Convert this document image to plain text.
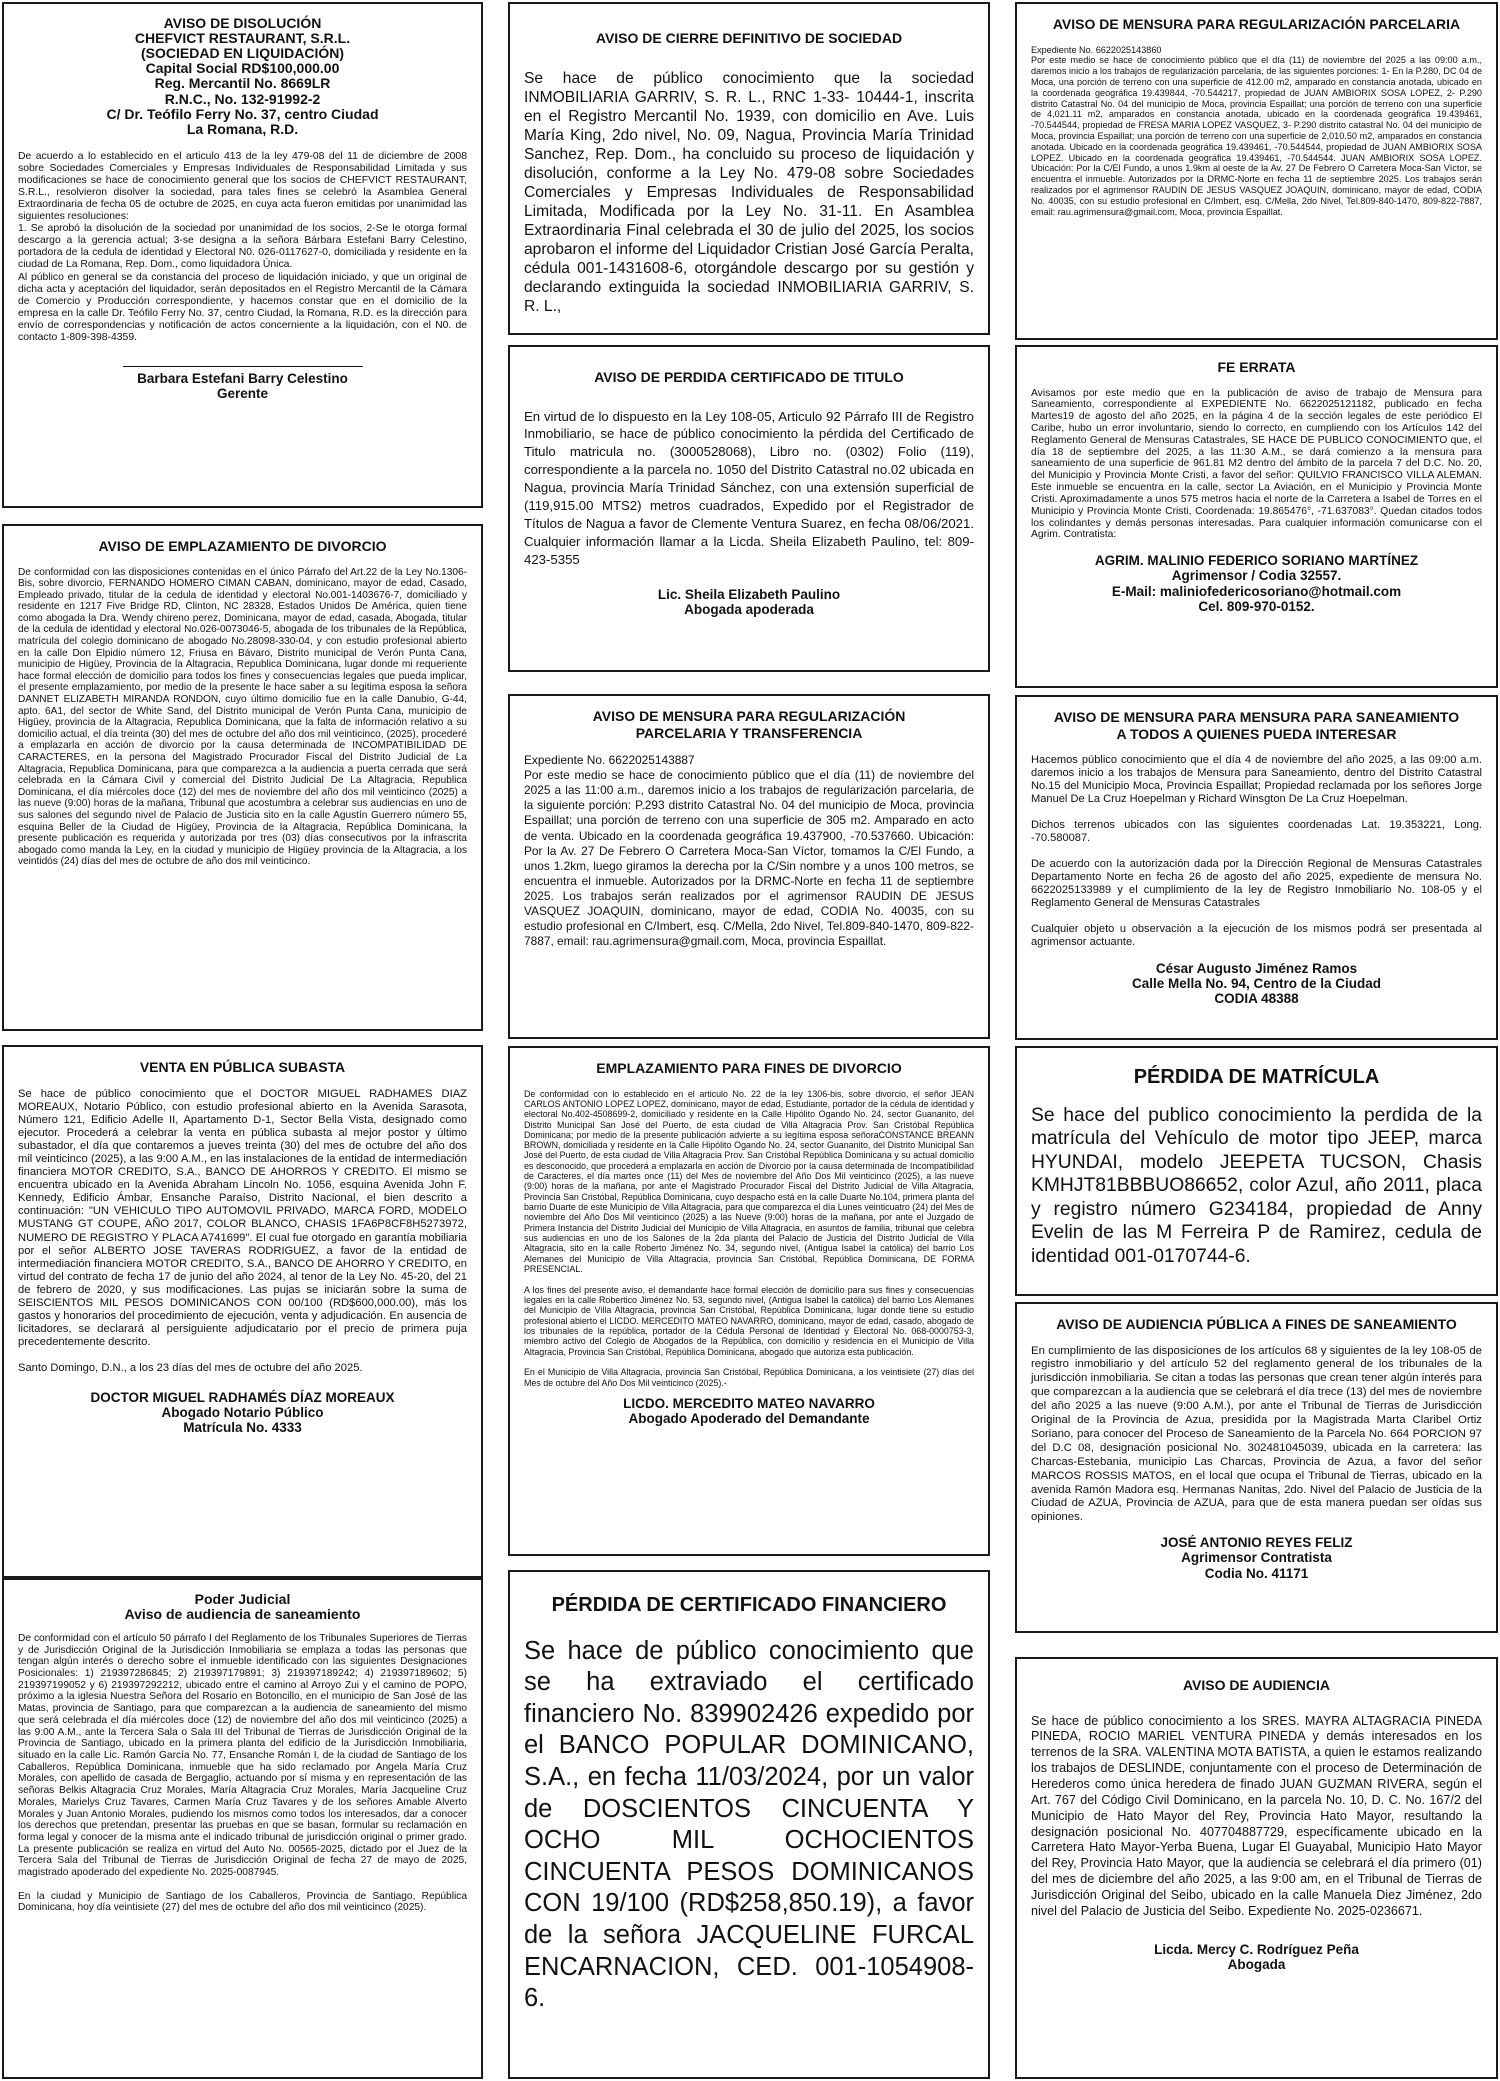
AVISO DE DISOLUCIÓN
CHEFVICT RESTAURANT, S.R.L.
(SOCIEDAD EN LIQUIDACIÓN)
Capital Social RD$100,000.00
Reg. Mercantil No. 8669LR
R.N.C., No. 132-91992-2
C/ Dr. Teófilo Ferry No. 37, centro Ciudad
La Romana, R.D.
De acuerdo a lo establecido en el articulo 413 de la ley 479-08 del 11 de diciembre de 2008 sobre Sociedades Comerciales y Empresas Individuales de Responsabilidad Limitada y sus modificaciones se hace de conocimiento general que los socios de CHEFVICT RESTAURANT, S.R.L., resolvieron disolver la sociedad, para tales fines se celebró la Asamblea General Extraordinaria de fecha 05 de octubre de 2025, en cuya acta fueron emitidas por unanimidad las siguientes resoluciones:
1. Se aprobó la disolución de la sociedad por unanimidad de los socios, 2-Se le otorga formal descargo a la gerencia actual; 3-se designa a la señora Bárbara Estefani Barry Celestino, portadora de la cedula de identidad y Electoral N0. 026-0117627-0, domiciliada y residente en la ciudad de La Romana, Rep. Dom., como liquidadora Única.
Al público en general se da constancia del proceso de liquidación iniciado, y que un original de dicha acta y aceptación del liquidador, serán depositados en el Registro Mercantil de la Cámara de Comercio y Producción correspondiente, y hacemos constar que en el domicilio de la empresa en la calle Dr. Teófilo Ferry No. 37, centro Ciudad, la Romana, R.D. es la dirección para envío de correspondencias y notificación de actos concerniente a la liquidación, con el N0. de contacto 1-809-398-4359.
Barbara Estefani Barry Celestino
Gerente
AVISO DE EMPLAZAMIENTO DE DIVORCIO
De conformidad con las disposiciones contenidas en el único Párrafo del Art.22 de la Ley No.1306-Bis, sobre divorcio, FERNANDO HOMERO CIMAN CABAN, dominicano, mayor de edad, Casado, Empleado privado, titular de la cedula de identidad y electoral No.001-1403676-7, domiciliado y residente en 1217 Five Bridge RD, Clinton, NC 28328, Estados Unidos De América, quien tiene como abogada la Dra. Wendy chireno perez, Dominicana, mayor de edad, casada, Abogada, titular de la cedula de identidad y electoral No.026-0073046-5, abogada de los tribunales de la República, matrícula del colegio dominicano de abogado No.28098-330-04, y con estudio profesional abierto en la calle Don Elpidio número 12, Friusa en Bávaro, Distrito municipal de Verón Punta Cana, municipio de Higüey, Provincia de la Altagracia, Republica Dominicana, lugar donde mi requeriente hace formal elección de domicilio para todos los fines y consecuencias legales que pueda implicar, el presente emplazamiento, por medio de la presente le hace saber a su legitima esposa la señora DANNET ELIZABETH MIRANDA RONDON, cuyo último domicilio fue en la calle Danubio, G-44, apto. 6A1, del sector de White Sand, del Distrito municipal de Verón Punta Cana, municipio de Higüey, provincia de la Altagracia, Republica Dominicana, que la falta de información relativo a su domicilio actual, el día treinta (30) del mes de octubre del año dos mil veinticinco, (2025), procederé a emplazarla en acción de divorcio por la causa determinada de INCOMPATIBILIDAD DE CARACTERES, en la persona del Magistrado Procurador Fiscal del Distrito Judicial de La Altagracia, Republica Dominicana, para que comparezca a la audiencia a puerta cerrada que será celebrada en la Cámara Civil y comercial del Distrito Judicial De La Altagracia, Republica Dominicana, el día miércoles doce (12) del mes de noviembre del año dos mil veinticinco (2025) a las nueve (9:00) horas de la mañana, Tribunal que acostumbra a celebrar sus audiencias en uno de sus salones del segundo nivel de Palacio de Justicia sito en la calle Agustín Guerrero número 55, esquina Beller de la Ciudad de Higüey, Provincia de la Altagracia, República Dominicana, la presente publicación es requerida y autorizada por tres (03) días consecutivos por la infrascrita abogado como manda la Ley, en la ciudad y municipio de Higüey provincia de la Altagracia, a los veintidós (24) días del mes de octubre de año dos mil veinticinco.
VENTA EN PÚBLICA SUBASTA
Se hace de público conocimiento que el DOCTOR MIGUEL RADHAMES DIAZ MOREAUX, Notario Público, con estudio profesional abierto en la Avenida Sarasota, Número 121, Edificio Adelle II, Apartamento D-1, Sector Bella Vista, designado como ejecutor. Procederá a celebrar la venta en pública subasta al mejor postor y último subastador, el día que contaremos a jueves treinta (30) del mes de octubre del año dos mil veinticinco (2025), a las 9:00 A.M., en las instalaciones de la entidad de intermediación financiera MOTOR CREDITO, S.A., BANCO DE AHORROS Y CREDITO. El mismo se encuentra ubicado en la Avenida Abraham Lincoln No. 1056, esquina Avenida John F. Kennedy, Edificio Ámbar, Ensanche Paraíso, Distrito Nacional, el bien descrito a continuación: "UN VEHICULO TIPO AUTOMOVIL PRIVADO, MARCA FORD, MODELO MUSTANG GT COUPE, AÑO 2017, COLOR BLANCO, CHASIS 1FA6P8CF8H5273972, NUMERO DE REGISTRO Y PLACA A741699". El cual fue otorgado en garantía mobiliaria por el señor ALBERTO JOSE TAVERAS RODRIGUEZ, a favor de la entidad de intermediación financiera MOTOR CREDITO, S.A., BANCO DE AHORRO Y CREDITO, en virtud del contrato de fecha 17 de junio del año 2024, al tenor de la Ley No. 45-20, del 21 de febrero de 2020, y sus modificaciones. Las pujas se iniciarán sobre la suma de SEISCIENTOS MIL PESOS DOMINICANOS CON 00/100 (RD$600,000.00), más los gastos y honorarios del procedimiento de ejecución, venta y adjudicación. En ausencia de licitadores, se declarará al persiguiente adjudicatario por el precio de primera puja precedentemente descrito.

Santo Domingo, D.N., a los 23 días del mes de octubre del año 2025.
DOCTOR MIGUEL RADHAMÉS DÍAZ MOREAUX
Abogado Notario Público
Matrícula No. 4333
Poder Judicial
Aviso de audiencia de saneamiento
De conformidad con el artículo 50 párrafo I del Reglamento de los Tribunales Superiores de Tierras y de Jurisdicción Original de la Jurisdicción Inmobiliaria se emplaza a todas las personas que tengan algún interés o derecho sobre el inmueble identificado con las siguientes Designaciones Posicionales: 1) 219397286845; 2) 219397179891; 3) 219397189242; 4) 219397189602; 5) 219397199052 y 6) 219397292212, ubicado entre el camino al Arroyo Zui y el camino de POPO, próximo a la iglesia Nuestra Señora del Rosario en Botoncillo, en el municipio de San José de las Matas, provincia de Santiago, para que comparezcan a la audiencia de saneamiento del mismo que será celebrada el día miércoles doce (12) de noviembre del año dos mil veinticinco (2025) a las 9:00 A.M., ante la Tercera Sala o Sala III del Tribunal de Tierras de Jurisdicción Original de la Provincia de Santiago, ubicado en la primera planta del edificio de la Jurisdicción Inmobiliaria, situado en la calle Lic. Ramón García No. 77, Ensanche Román I, de la ciudad de Santiago de los Caballeros, República Dominicana, inmueble que ha sido reclamado por Angela María Cruz Morales, con apellido de casada de Bergaglio, actuando por sí misma y en representación de las señoras Belkis Altagracia Cruz Morales, María Altagracia Cruz Morales, María Jacqueline Cruz Morales, Marielys Cruz Tavares, Carmen María Cruz Tavares y de los señores Amable Alverto Morales y Juan Antonio Morales, pudiendo los mismos como todos los interesados, dar a conocer los derechos que pretendan, presentar las pruebas en que se basan, formular su reclamación en forma legal y conocer de la misma ante el indicado tribunal de jurisdicción original o primer grado. La presente publicación se realiza en virtud del Auto No. 00565-2025, dictado por el Juez de la Tercera Sala del Tribunal de Tierras de Jurisdicción Original de fecha 27 de mayo de 2025, magistrado apoderado del expediente No. 2025-0087945.

En la ciudad y Municipio de Santiago de los Caballeros, Provincia de Santiago, República Dominicana, hoy día veintisiete (27) del mes de octubre del año dos mil veinticinco (2025).
AVISO DE CIERRE DEFINITIVO DE SOCIEDAD
Se hace de público conocimiento que la sociedad INMOBILIARIA GARRIV, S. R. L., RNC 1-33- 10444-1, inscrita en el Registro Mercantil No. 1939, con domicilio en Ave. Luis María King, 2do nivel, No. 09, Nagua, Provincia María Trinidad Sanchez, Rep. Dom., ha concluido su proceso de liquidación y disolución, conforme a la Ley No. 479-08 sobre Sociedades Comerciales y Empresas Individuales de Responsabilidad Limitada, Modificada por la Ley No. 31-11. En Asamblea Extraordinaria Final celebrada el 30 de julio del 2025, los socios aprobaron el informe del Liquidador Cristian José García Peralta, cédula 001-1431608-6, otorgándole descargo por su gestión y declarando extinguida la sociedad INMOBILIARIA GARRIV, S. R. L.,
AVISO DE PERDIDA CERTIFICADO DE TITULO
En virtud de lo dispuesto en la Ley 108-05, Articulo 92 Párrafo III de Registro Inmobiliario, se hace de público conocimiento la pérdida del Certificado de Titulo matricula no. (3000528068), Libro no. (0302) Folio (119), correspondiente a la parcela no. 1050 del Distrito Catastral no.02 ubicada en Nagua, provincia María Trinidad Sánchez, con una extensión superficial de (119,915.00 MTS2) metros cuadrados, Expedido por el Registrador de Títulos de Nagua a favor de Clemente Ventura Suarez, en fecha 08/06/2021. Cualquier información llamar a la Licda. Sheila Elizabeth Paulino, tel: 809-423-5355
Lic. Sheila Elizabeth Paulino
Abogada apoderada
AVISO DE MENSURA PARA REGULARIZACIÓN
PARCELARIA Y TRANSFERENCIA
Expediente No. 6622025143887
Por este medio se hace de conocimiento público que el día (11) de noviembre del 2025 a las 11:00 a.m., daremos inicio a los trabajos de regularización parcelaria, de la siguiente porción: P.293 distrito Catastral No. 04 del municipio de Moca, provincia Espaillat; una porción de terreno con una superficie de 305 m2. Amparado en acto de venta. Ubicado en la coordenada geográfica 19.437900, -70.537660. Ubicación: Por la Av. 27 De Febrero O Carretera Moca-San Víctor, tomamos la C/El Fundo, a unos 1.2km, luego giramos la derecha por la C/Sin nombre y a unos 100 metros, se encuentra el inmueble. Autorizados por la DRMC-Norte en fecha 11 de septiembre 2025. Los trabajos serán realizados por el agrimensor RAUDIN DE JESUS VASQUEZ JOAQUIN, dominicano, mayor de edad, CODIA No. 40035, con su estudio profesional en C/Imbert, esq. C/Mella, 2do Nivel, Tel.809-840-1470, 809-822-7887, email: rau.agrimensura@gmail.com, Moca, provincia Espaillat.
EMPLAZAMIENTO PARA FINES DE DIVORCIO
De conformidad con lo establecido en el articulo No. 22 de la ley 1306-bis, sobre divorcio, el señor JEAN CARLOS ANTONIO LOPEZ LOPEZ, dominicano, mayor de edad, Estudiante, portador de la cédula de identidad y electoral No.402-4508699-2, domiciliado y residente en la Calle Hipólito Ogando No. 24, sector Guananito, del Distrito Municipal San José del Puerto, de esta ciudad de Villa Altagracia Prov. San Cristóbal República Dominicana; por medio de la presente publicación advierte a su legítima esposa señoraCONSTANCE BREANN BROWN, domiciliada y residente en la Calle Hipólito Ogando No. 24, sector Guananito, del Distrito Municipal San José del Puerto, de esta ciudad de Villa Altagracia Prov. San Cristóbal República Dominicana y su actual domicilio es desconocido, que procederá a emplazarla en acción de Divorcio por la causa determinada de Incompatibilidad de Caracteres, el día martes once (11) del Mes de noviembre del Año Dos Mil veinticinco (2025), a las nueve (9:00) horas de la mañana, por ante el Magistrado Procurador Fiscal del Distrito Judicial de Villa Altagracia, Provincia San Cristóbal, República Dominicana, cuyo despacho está en la calle Duarte No.104, primera planta del barrio Duarte de este Municipio de Villa Altagracia, para que comparezca el día Lunes veinticuatro (24) del Mes de noviembre del Año Dos Mil veinticinco (2025) a las Nueve (9:00) horas de la mañana, por ante el Juzgado de Primera Instancia del Distrito Judicial del Municipio de Villa Altagracia, en asuntos de familia, tribunal que celebra sus audiencias en uno de los Salones de la 2da planta del Palacio de Justicia del Distrito Judicial de Villa Altagracia, sito en la calle Roberto Jiménez No. 34, segundo nivel, (Antigua Isabel la católica) del barrio Los Alemanes del Municipio de Villa Altagracia, provincia San Cristóbal, República Dominicana, DE FORMA PRESENCIAL.

A los fines del presente aviso, el demandante hace formal elección de domicilio para sus fines y consecuencias legales en la calle Robertico Jiménez No. 53, segundo nivel, (Antigua Isabel la católica) del barrio Los Alemanes del Municipio de Villa Altagracia, provincia San Cristóbal, República Dominicana, lugar donde tiene su estudio profesional abierto el LICDO. MERCEDITO MATEO NAVARRO, dominicano, mayor de edad, casado, abogado de los tribunales de la república, portador de la Cédula Personal de Identidad y Electoral No. 068-0000753-3, miembro activo del Colegio de Abogados de la República, con domicilio y residencia en el Municipio de Villa Altagracia, Provincia San Cristóbal, República Dominicana, abogado que autoriza esta publicación.

En el Municipio de Villa Altagracia, provincia San Cristóbal, República Dominicana, a los veintisiete (27) días del Mes de octubre del Año Dos Mil veinticinco (2025).-
LICDO. MERCEDITO MATEO NAVARRO
Abogado Apoderado del Demandante
PÉRDIDA DE CERTIFICADO FINANCIERO
Se hace de público conocimiento que se ha extraviado el certificado financiero No. 839902426 expedido por el BANCO POPULAR DOMINICANO, S.A., en fecha 11/03/2024, por un valor de DOSCIENTOS CINCUENTA Y OCHO MIL OCHOCIENTOS CINCUENTA PESOS DOMINICANOS CON 19/100 (RD$258,850.19), a favor de la señora JACQUELINE FURCAL ENCARNACION, CED. 001-1054908-6.
AVISO DE MENSURA PARA REGULARIZACIÓN PARCELARIA
Expediente No. 6622025143860
Por este medio se hace de conocimiento público que el día (11) de noviembre del 2025 a las 09:00 a.m., daremos inicio a los trabajos de regularización parcelaria, de las siguientes porciones: 1- En la P.280, DC 04 de Moca, una porción de terreno con una superficie de 412.00 m2, amparado en constancia anotada, ubicado en la coordenada geográfica 19.439844, -70.544217, propiedad de JUAN AMBIORIX SOSA LOPEZ, 2- P.290 distrito Catastral No. 04 del municipio de Moca, provincia Espaillat; una porción de terreno con una superficie de 4,021.11 m2, amparados en constancia anotada, ubicado en la coordenada geográfica 19.439461, -70.544544, propiedad de FRESA MARIA LOPEZ VASQUEZ, 3- P.290 distrito catastral No. 04 del municipio de Moca, provincia Espaillat; una porción de terreno con una superficie de 2,010.50 m2, amparados en constancia anotada. Ubicado en la coordenada geográfica 19.439461, -70.544544, propiedad de JUAN AMBIORIX SOSA LOPEZ. Ubicado en la coordenada geográfica 19.439461, -70.544544. JUAN AMBIORIX SOSA LOPEZ. Ubicación: Por la C/El Fundo, a unos 1.9km al oeste de la Av. 27 De Febrero O Carretera Moca-San Víctor, se encuentra el inmueble. Autorizados por la DRMC-Norte en fecha 11 de septiembre 2025. Los trabajos serán realizados por el agrimensor RAUDIN DE JESUS VASQUEZ JOAQUIN, dominicano, mayor de edad, CODIA No. 40035, con su estudio profesional en C/Imbert, esq. C/Mella, 2do Nivel, Tel.809-840-1470, 809-822-7887, email: rau.agrimensura@gmail.com, Moca, provincia Espaillat.
FE ERRATA
Avisamos por este medio que en la publicación de aviso de trabajo de Mensura para Saneamiento, correspondiente al EXPEDIENTE No. 6622025121182, publicado en fecha Martes19 de agosto del año 2025, en la página 4 de la sección legales de este periódico El Caribe, hubo un error involuntario, siendo lo correcto, en cumpliendo con los Artículos 142 del Reglamento General de Mensuras Catastrales, SE HACE DE PUBLICO CONOCIMIENTO que, el día 18 de septiembre del 2025, a las 11:30 A.M., se dará comienzo a la mensura para saneamiento de una superficie de 961.81 M2 dentro del ámbito de la parcela 7 del D.C. No. 20, del Municipio y Provincia Monte Cristi, a favor del señor: QUILVIO FRANCISCO VILLA ALEMAN. Este inmueble se encuentra en la calle, sector La Aviación, en el Municipio y Provincia Monte Cristi. Aproximadamente a unos 575 metros hacia el norte de la Carretera a Isabel de Torres en el Municipio y Provincia Monte Cristi, Coordenada: 19.865476°, -71.637083°. Quedan citados todos los colindantes y demás personas interesadas. Para cualquier información comunicarse con el Agrim. Contratista:
AGRIM. MALINIO FEDERICO SORIANO MARTÍNEZ
Agrimensor / Codia 32557.
E-Mail: maliniofedericosoriano@hotmail.com
Cel. 809-970-0152.
AVISO DE MENSURA PARA MENSURA PARA SANEAMIENTO
A TODOS A QUIENES PUEDA INTERESAR
Hacemos público conocimiento que el día 4 de noviembre del año 2025, a las 09:00 a.m. daremos inicio a los trabajos de Mensura para Saneamiento, dentro del Distrito Catastral No.15 del Municipio Moca, Provincia Espaillat; Propiedad reclamada por los señores Jorge Manuel De La Cruz Hoepelman y Richard Winsgton De La Cruz Hoepelman.

Dichos terrenos ubicados con las siguientes coordenadas Lat. 19.353221, Long. -70.580087.

De acuerdo con la autorización dada por la Dirección Regional de Mensuras Catastrales Departamento Norte en fecha 26 de agosto del año 2025, expediente de mensura No. 6622025133989 y el cumplimiento de la ley de Registro Inmobiliario No. 108-05 y el Reglamento General de Mensuras Catastrales

Cualquier objeto u observación a la ejecución de los mismos podrá ser presentada al agrimensor actuante.
César Augusto Jiménez Ramos
Calle Mella No. 94, Centro de la Ciudad
CODIA 48388
PÉRDIDA DE MATRÍCULA
Se hace del publico conocimiento la perdida de la matrícula del Vehículo de motor tipo JEEP, marca HYUNDAI, modelo JEEPETA TUCSON, Chasis KMHJT81BBBUO86652, color Azul, año 2011, placa y registro número G234184, propiedad de Anny Evelin de las M Ferreira P de Ramirez, cedula de identidad 001-0170744-6.
AVISO DE AUDIENCIA PÚBLICA A FINES DE SANEAMIENTO
En cumplimiento de las disposiciones de los artículos 68 y siguientes de la ley 108-05 de registro inmobiliario y del artículo 52 del reglamento general de los tribunales de la jurisdicción inmobiliaria. Se citan a todas las personas que crean tener algún interés para que comparezcan a la audiencia que se celebrará el día trece (13) del mes de noviembre del año 2025 a las nueve (9:00 A.M.), por ante el Tribunal de Tierras de Jurisdicción Original de la Provincia de Azua, presidida por la Magistrada Marta Claribel Ortiz Soriano, para conocer del Proceso de Saneamiento de la Parcela No. 664 PORCION 97 del D.C 08, designación posicional No. 302481045039, ubicada en la carretera: las Charcas-Estebania, municipio Las Charcas, Provincia de Azua, a favor del señor MARCOS ROSSIS MATOS, en el local que ocupa el Tribunal de Tierras, ubicado en la avenida Ramón Madora esq. Hermanas Nanitas, 2do. Nivel del Palacio de Justicia de la Ciudad de AZUA, Provincia de AZUA, para que de esta manera puedan ser oídas sus opiniones.
JOSÉ ANTONIO REYES FELIZ
Agrimensor Contratista
Codia No. 41171
AVISO DE AUDIENCIA
Se hace de público conocimiento a los SRES. MAYRA ALTAGRACIA PINEDA PINEDA, ROCIO MARIEL VENTURA PINEDA y demás interesados en los terrenos de la SRA. VALENTINA MOTA BATISTA, a quien le estamos realizando los trabajos de DESLINDE, conjuntamente con el proceso de Determinación de Herederos como única heredera de finado JUAN GUZMAN RIVERA, según el Art. 767 del Código Civil Dominicano, en la parcela No. 10, D. C. No. 167/2 del Municipio de Hato Mayor del Rey, Provincia Hato Mayor, resultando la designación posicional No. 407704887729, específicamente ubicado en la Carretera Hato Mayor-Yerba Buena, Lugar El Guayabal, Municipio Hato Mayor del Rey, Provincia Hato Mayor, que la audiencia se celebrará el día primero (01) del mes de diciembre del año 2025, a las 9:00 am, en el Tribunal de Tierras de Jurisdicción Original del Seibo, ubicado en la calle Manuela Diez Jiménez, 2do nivel del Palacio de Justicia del Seibo. Expediente No. 2025-0236671.
Licda. Mercy C. Rodríguez Peña
Abogada
